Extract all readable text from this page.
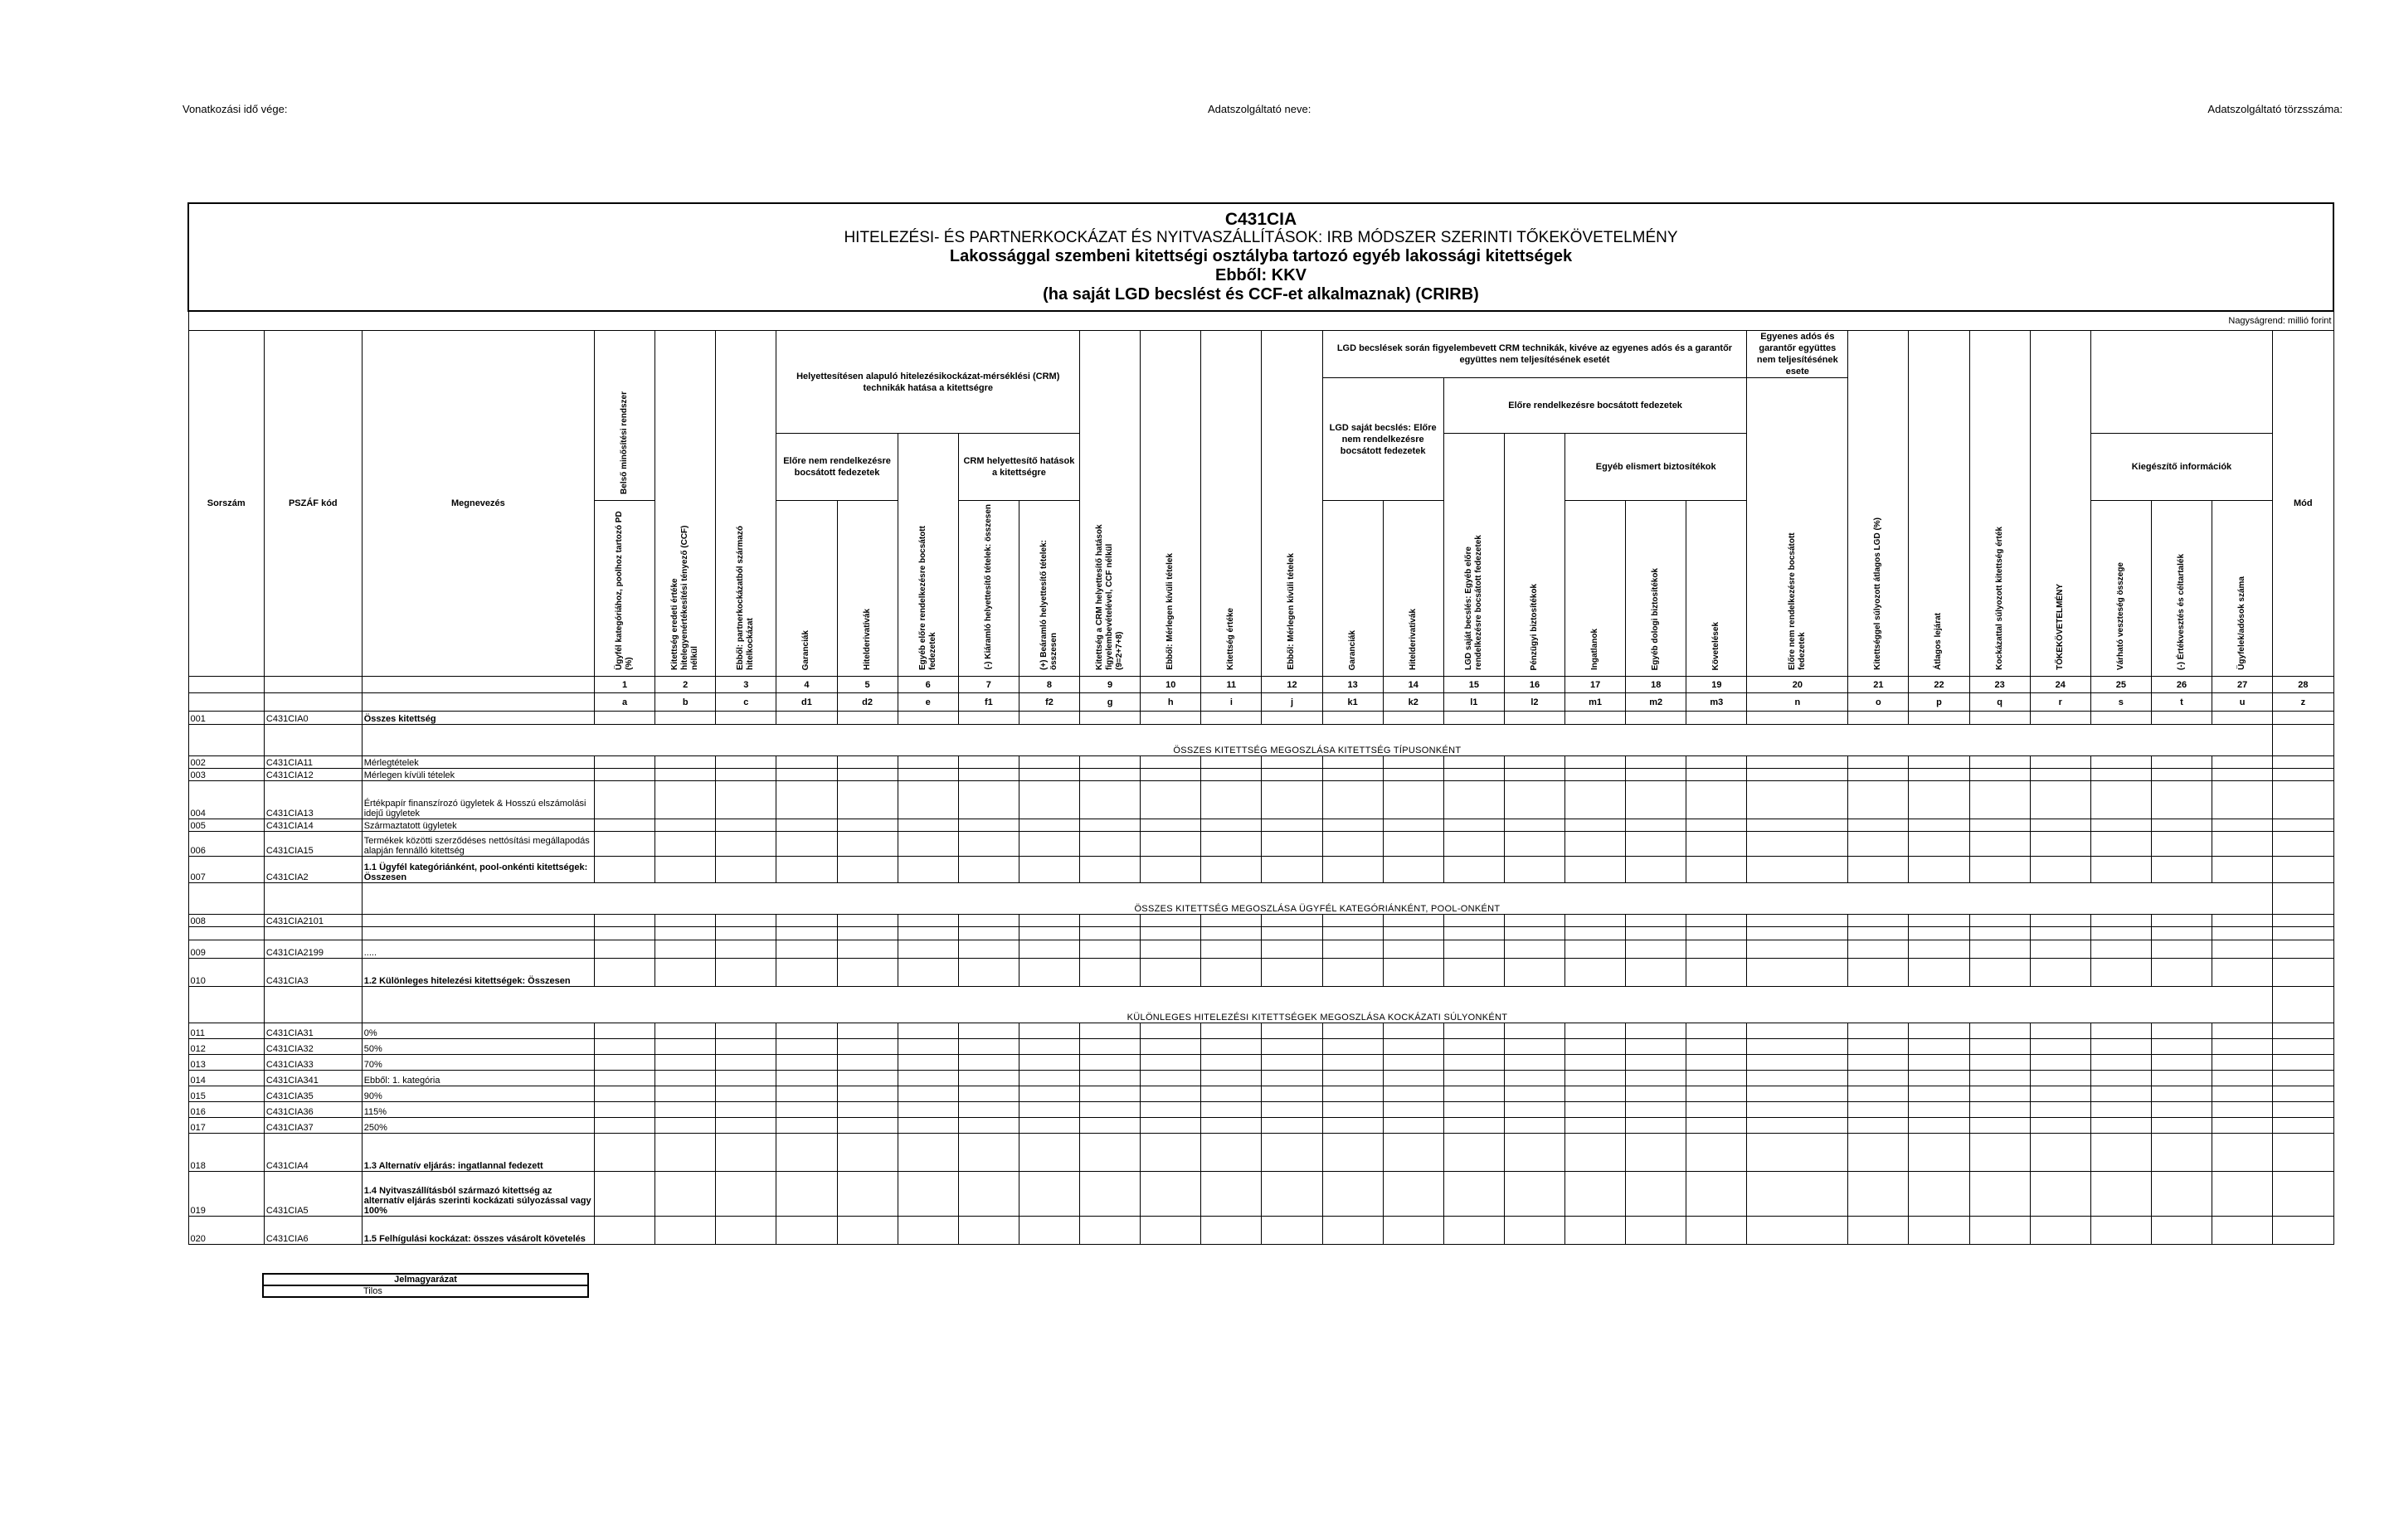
Vonatkozási idő vége:	Adatszolgáltató neve:	Adatszolgáltató törzsszáma:
C431CIA
HITELEZÉSI- ÉS PARTNERKOCKÁZAT ÉS NYITVASZÁLLÍTÁSOK: IRB MÓDSZER SZERINTI TŐKEKÖVETELMÉNY
Lakossággal szembeni kitettségi osztályba tartozó egyéb lakossági kitettségek
Ebből: KKV
(ha saját LGD becslést és CCF-et alkalmaznak) (CRIRB)																														

Nagyságrend: millió forint																														
Sorszám	PSZÁF kód	Megnevezés	Belső minősítési rendszer	Kitettség eredeti értéke hitelegyenértékesítési tényező (CCF) nélkül	Ebből: partnerkockázatból származó hitelkockázat	Helyettesítésen alapuló hitelezésikockázat-mérséklési (CRM) technikák hatása a kitettségre					Kitettség a CRM helyettesítő hatások figyelembevételével, CCF nélkül (9=2+7+8)	Ebből: Mérlegen kívüli tételek	Kitettség értéke	Ebből: Mérlegen kívüli tételek	LGD becslések során figyelembevett CRM technikák, kivéve az egyenes adós és a garantőr együttes nem teljesítésének esetét							Egyenes adós és garantőr együttes nem teljesítésének esete	Kitettséggel súlyozott átlagos LGD (%)	Átlagos lejárat	Kockázattal súlyozott kitettség érték	TŐKEKÖVETELMÉNY				Mód
															LGD saját becslés: Előre nem rendelkezésre bocsátott fedezetek		Előre rendelkezésre bocsátott fedezetek					Előre nem rendelkezésre bocsátott fedezetek								
						Előre nem rendelkezésre bocsátott fedezetek		Egyéb előre rendelkezésre bocsátott fedezetek	CRM helyettesítő hatások a kitettségre								LGD saját becslés: Egyéb előre rendelkezésre bocsátott fedezetek	Pénzügyi biztosítékok	Egyéb elismert biztosítékok								Kiegészítő információk			
			Ügyfél kategóriához, poolhoz tartozó PD (%)			Garanciák	Hitelderivatívák		(-) Kiáramló helyettesítő tételek: összesen	(+) Beáramló helyettesítő tételek: összesen					Garanciák	Hitelderivatívák			Ingatlanok	Egyéb dologi biztosítékok	Követelések						Várható veszteség összege	(-) Értékvesztés és céltartalék	Ügyfelek/adósok száma	
			1	2	3	4	5	6	7	8	9	10	11	12	13	14	15	16	17	18	19	20	21	22	23	24	25	26	27	28
			a	b	c	d1	d2	e	f1	f2	g	h	i	j	k1	k2	l1	l2	m1	m2	m3	n	o	p	q	r	s	t	u	z
001	C431CIA0	Összes kitettség																												
		ÖSSZES KITETTSÉG MEGOSZLÁSA KITETTSÉG TÍPUSONKÉNT																												
002	C431CIA11	Mérlegtételek																												
003	C431CIA12	Mérlegen kívüli tételek																												
004	C431CIA13	Értékpapír finanszírozó ügyletek & Hosszú elszámolási idejű ügyletek																												
005	C431CIA14	Származtatott ügyletek																												
006	C431CIA15	Termékek közötti szerződéses nettósítási megállapodás alapján fennálló kitettség																												
007	C431CIA2	1.1 Ügyfél kategóriánként, pool-onkénti kitettségek: Összesen																												
		ÖSSZES KITETTSÉG MEGOSZLÁSA ÜGYFÉL KATEGÓRIÁNKÉNT, POOL-ONKÉNT																												
008	C431CIA2101																													

009	C431CIA2199	.....																												
010	C431CIA3	1.2 Különleges hitelezési kitettségek: Összesen																												
		KÜLÖNLEGES HITELEZÉSI KITETTSÉGEK MEGOSZLÁSA KOCKÁZATI SÚLYONKÉNT																												
011	C431CIA31	0%																												
012	C431CIA32	50%																												
013	C431CIA33	70%																												
014	C431CIA341	Ebből: 1. kategória																												
015	C431CIA35	90%																												
016	C431CIA36	115%																												
017	C431CIA37	250%																												
018	C431CIA4	1.3 Alternatív eljárás: ingatlannal fedezett																												
019	C431CIA5	1.4 Nyitvaszállításból származó kitettség az alternatív eljárás szerinti kockázati súlyozással vagy 100%																												
020	C431CIA6	1.5 Felhígulási kockázat: összes vásárolt követelés																												
Jelmagyarázat
Tilos
